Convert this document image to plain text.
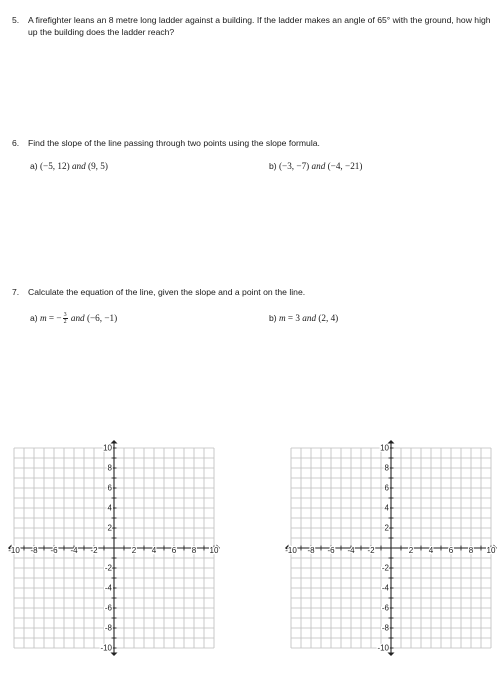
5. A firefighter leans an 8 metre long ladder against a building. If the ladder makes an angle of 65° with the ground, how high up the building does the ladder reach?
6. Find the slope of the line passing through two points using the slope formula.
a) (−5, 12) and (9, 5)	b) (−3, −7) and (−4, −21)
7. Calculate the equation of the line, given the slope and a point on the line.
a) m = − $\frac{3}{2}$ and (−6, −1)	b) m = 3 and (2, 4)
-10 -8 -6 -4 -2	2 4 6 8 10
10
8
6
4
2
-2
-4
-6
-8
-10
-10 -8 -6 -4 -2	2 4 6 8 10
10
8
6
4
2
-2
-4
-6
-8
-10
